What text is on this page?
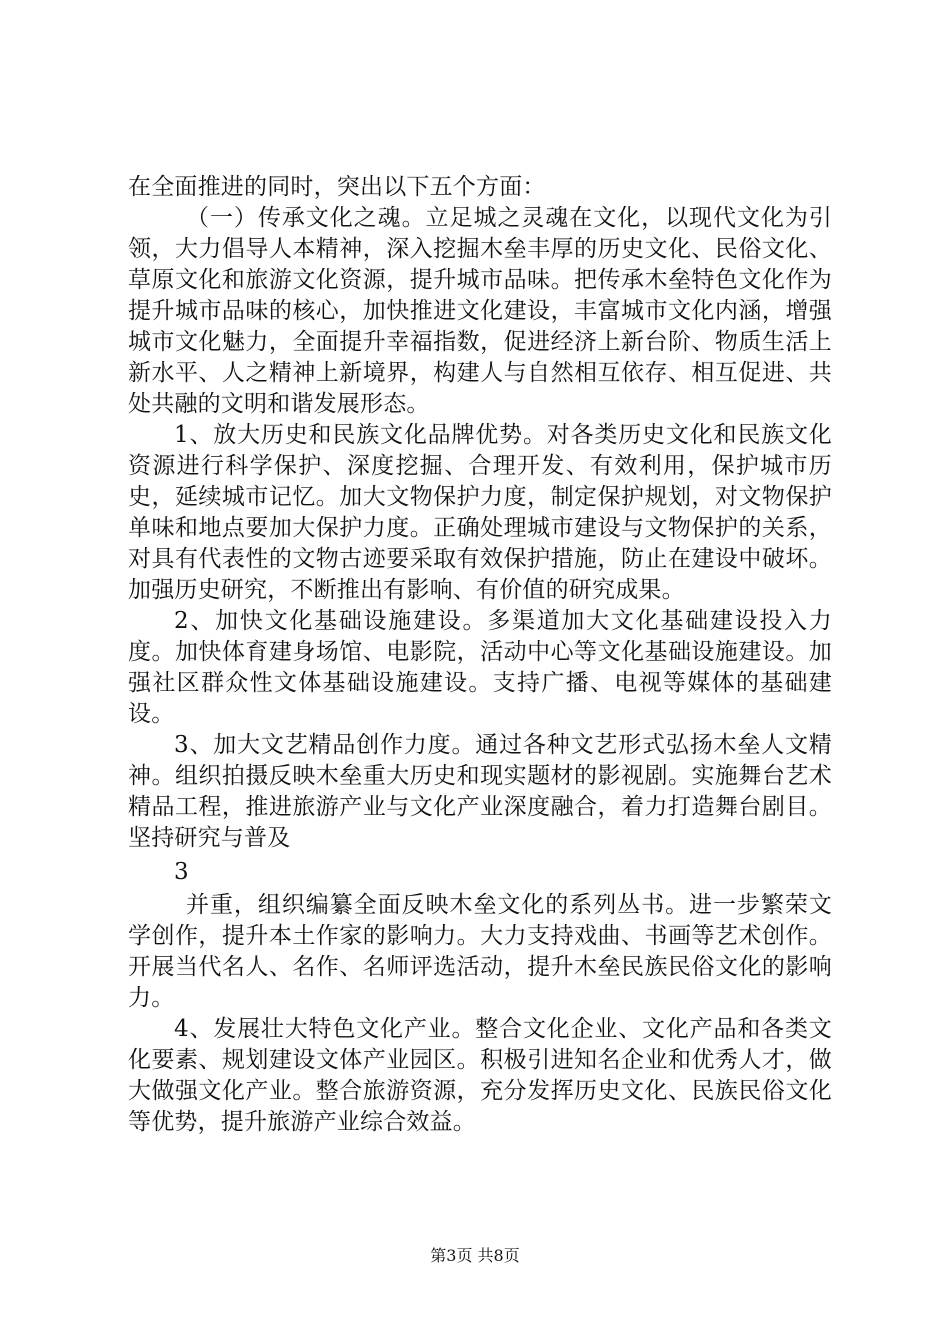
在全面推进的同时，突出以下五个方面：

（一）传承文化之魂。立足城之灵魂在文化，以现代文化为引领，大力倡导人本精神，深入挖掘木垒丰厚的历史文化、民俗文化、草原文化和旅游文化资源，提升城市品味。把传承木垒特色文化作为提升城市品味的核心，加快推进文化建设，丰富城市文化内涵，增强城市文化魅力，全面提升幸福指数，促进经济上新台阶、物质生活上新水平、人之精神上新境界，构建人与自然相互依存、相互促进、共处共融的文明和谐发展形态。

1、放大历史和民族文化品牌优势。对各类历史文化和民族文化资源进行科学保护、深度挖掘、合理开发、有效利用，保护城市历史，延续城市记忆。加大文物保护力度，制定保护规划，对文物保护单味和地点要加大保护力度。正确处理城市建设与文物保护的关系，对具有代表性的文物古迹要采取有效保护措施，防止在建设中破坏。加强历史研究，不断推出有影响、有价值的研究成果。

2、加快文化基础设施建设。多渠道加大文化基础建设投入力度。加快体育建身场馆、电影院，活动中心等文化基础设施建设。加强社区群众性文体基础设施建设。支持广播、电视等媒体的基础建设。

3、加大文艺精品创作力度。通过各种文艺形式弘扬木垒人文精神。组织拍摄反映木垒重大历史和现实题材的影视剧。实施舞台艺术精品工程，推进旅游产业与文化产业深度融合，着力打造舞台剧目。坚持研究与普及

3

并重，组织编纂全面反映木垒文化的系列丛书。进一步繁荣文学创作，提升本土作家的影响力。大力支持戏曲、书画等艺术创作。开展当代名人、名作、名师评选活动，提升木垒民族民俗文化的影响力。

4、发展壮大特色文化产业。整合文化企业、文化产品和各类文化要素、规划建设文体产业园区。积极引进知名企业和优秀人才，做大做强文化产业。整合旅游资源，充分发挥历史文化、民族民俗文化等优势，提升旅游产业综合效益。

第3页 共8页
